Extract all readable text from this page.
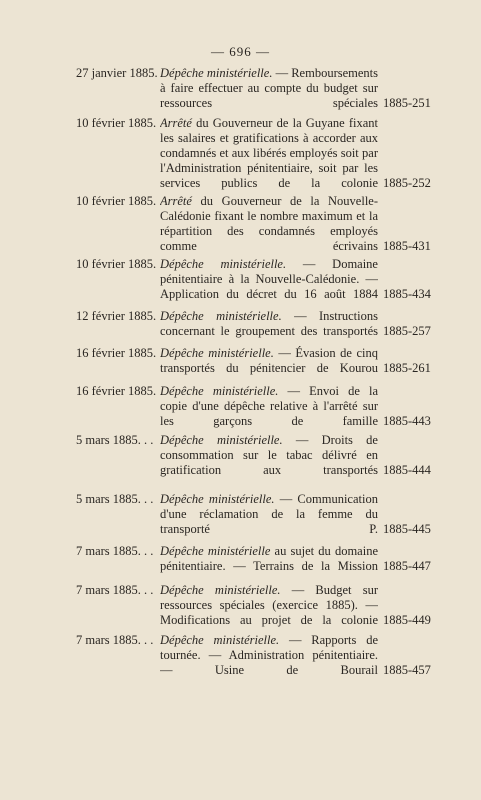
— 696 —
27 janvier 1885. Dépêche ministérielle. — Remboursements à faire effectuer au compte du budget sur ressources spéciales 1885-251
10 février 1885. Arrêté du Gouverneur de la Guyane fixant les salaires et gratifications à accorder aux condamnés et aux libérés employés soit par l'Administration pénitentiaire, soit par les services publics de la colonie 1885-252
10 février 1885. Arrêté du Gouverneur de la Nouvelle-Calédonie fixant le nombre maximum et la répartition des condamnés employés comme écrivains 1885-431
10 février 1885. Dépêche ministérielle. — Domaine pénitentiaire à la Nouvelle-Calédonie. — Application du décret du 16 août 1884 1885-434
12 février 1885. Dépêche ministérielle. — Instructions concernant le groupement des transportés 1885-257
16 février 1885. Dépêche ministérielle. — Évasion de cinq transportés du pénitencier de Kourou 1885-261
16 février 1885. Dépêche ministérielle. — Envoi de la copie d'une dépêche relative à l'arrêté sur les garçons de famille 1885-443
5 mars 1885. . . Dépêche ministérielle. — Droits de consommation sur le tabac délivré en gratification aux transportés 1885-444
5 mars 1885. . . Dépêche ministérielle. — Communication d'une réclamation de la femme du transporté P. 1885-445
7 mars 1885. . . Dépêche ministérielle au sujet du domaine pénitentiaire. — Terrains de la Mission 1885-447
7 mars 1885. . . Dépêche ministérielle. — Budget sur ressources spéciales (exercice 1885). — Modifications au projet de la colonie 1885-449
7 mars 1885. . . Dépêche ministérielle. — Rapports de tournée. — Administration pénitentiaire. — Usine de Bourail 1885-457
